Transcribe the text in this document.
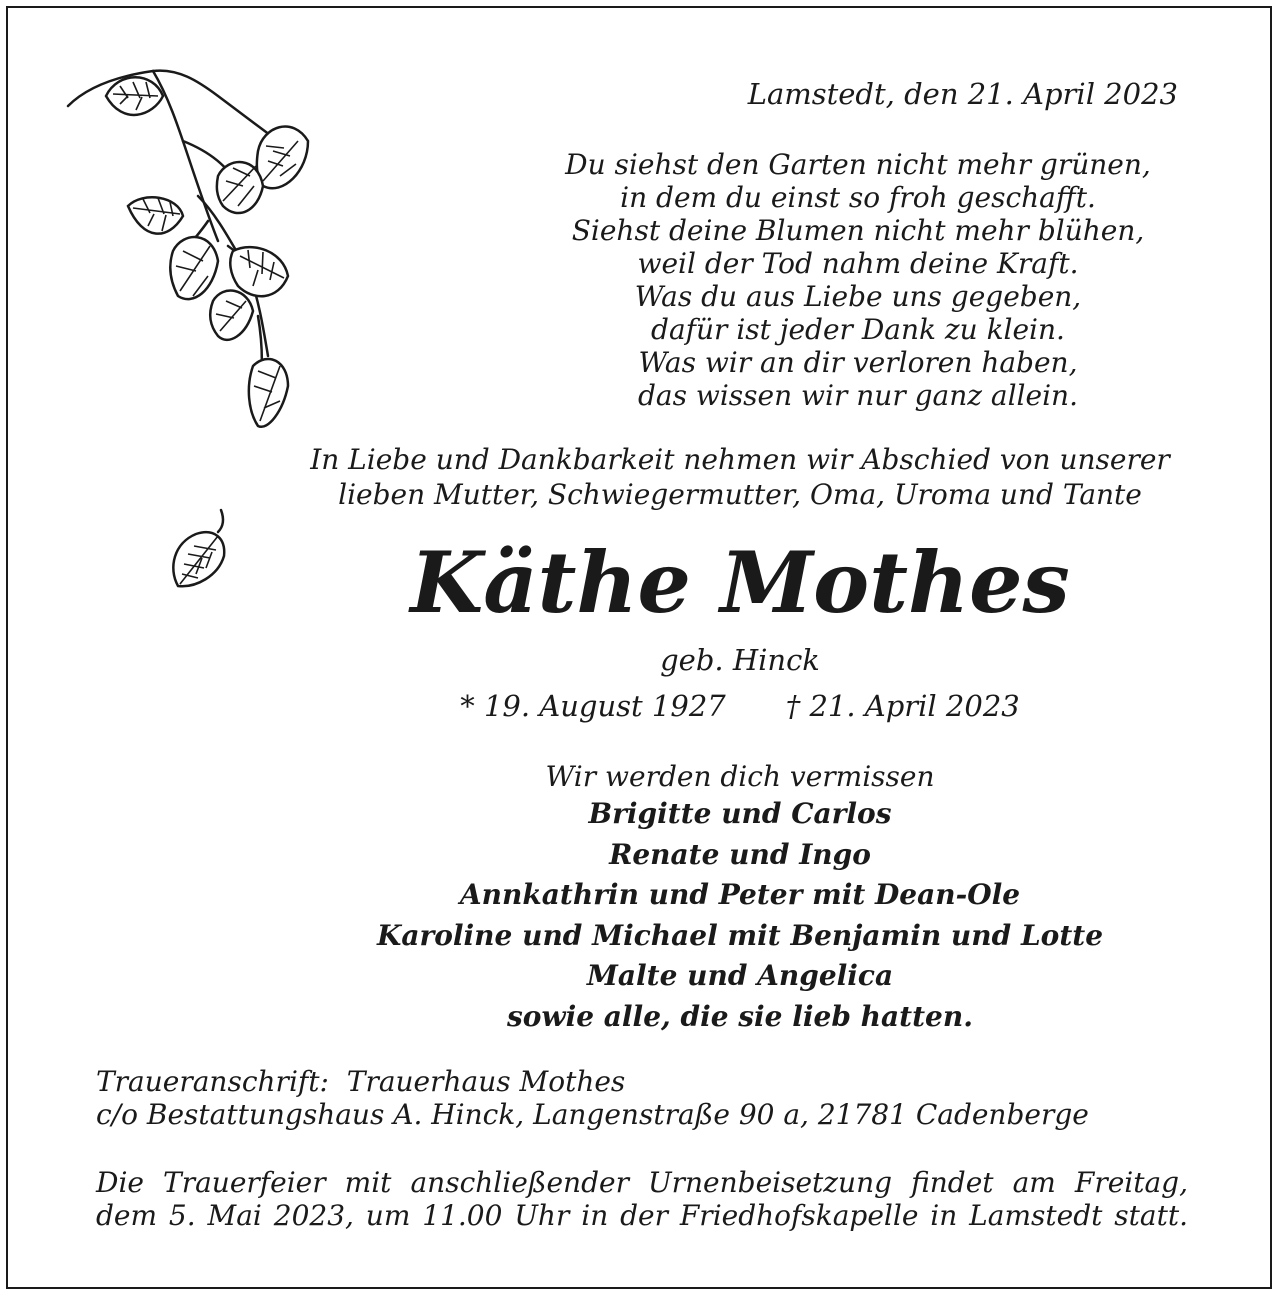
Lamstedt, den 21. April 2023
Du siehst den Garten nicht mehr grünen,
in dem du einst so froh geschafft.
Siehst deine Blumen nicht mehr blühen,
weil der Tod nahm deine Kraft.
Was du aus Liebe uns gegeben,
dafür ist jeder Dank zu klein.
Was wir an dir verloren haben,
das wissen wir nur ganz allein.
In Liebe und Dankbarkeit nehmen wir Abschied von unserer
lieben Mutter, Schwiegermutter, Oma, Uroma und Tante
Käthe Mothes
geb. Hinck
* 19. August 1927 † 21. April 2023
Wir werden dich vermissen
Brigitte und Carlos
Renate und Ingo
Annkathrin und Peter mit Dean-Ole
Karoline und Michael mit Benjamin und Lotte
Malte und Angelica
sowie alle, die sie lieb hatten.
Traueranschrift: Trauerhaus Mothes
c/o Bestattungshaus A. Hinck, Langenstraße 90 a, 21781 Cadenberge
Die Trauerfeier mit anschließender Urnenbeisetzung findet am Freitag,
dem 5. Mai 2023, um 11.00 Uhr in der Friedhofskapelle in Lamstedt statt.
